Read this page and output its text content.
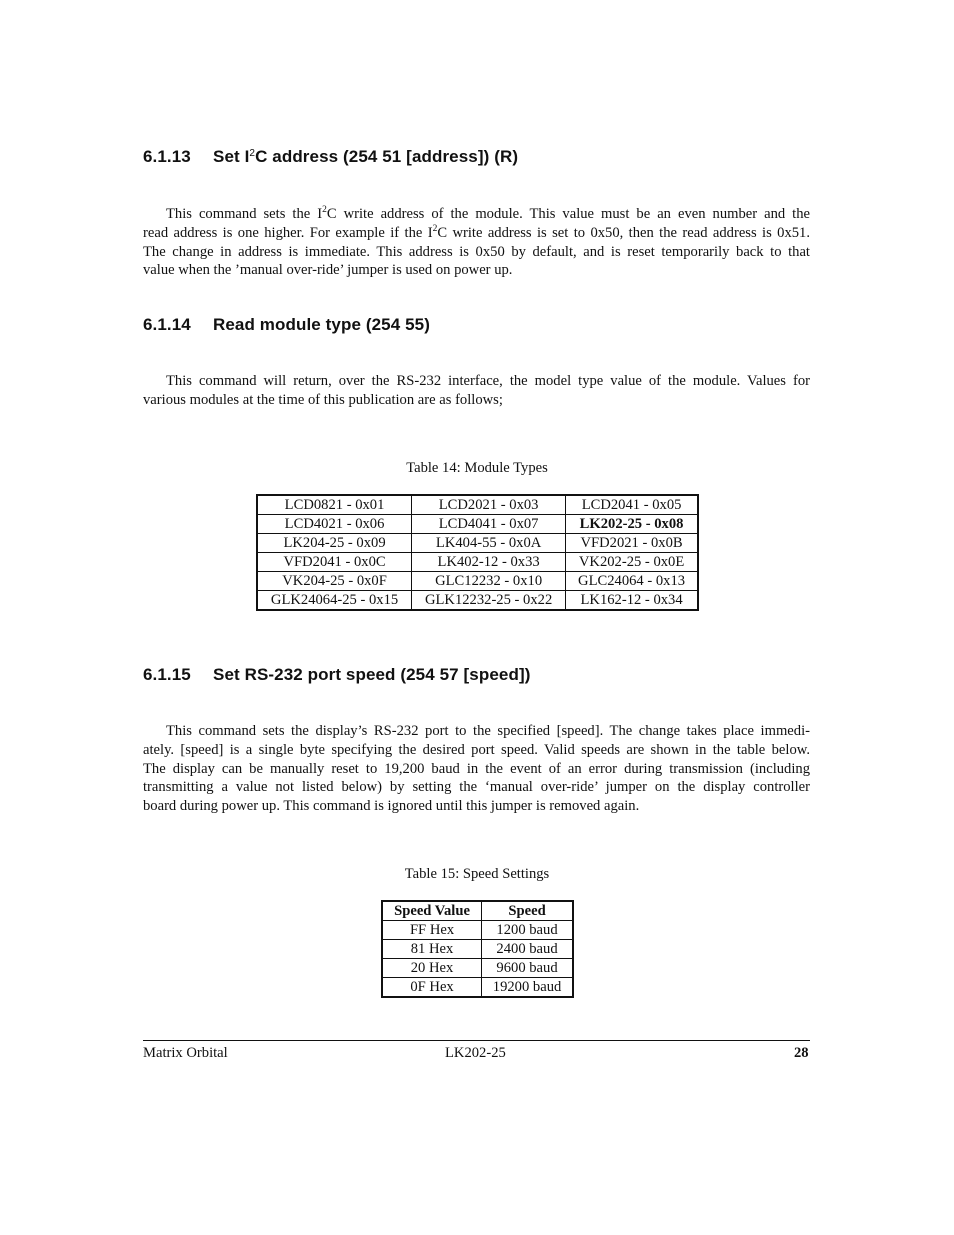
6.1.13 Set $I^2C$ address (254 51 [address]) (R)
This command sets the $I^2C$ write address of the module. This value must be an even number and the
read address is one higher. For example if the $I^2C$ write address is set to 0x50, then the read address is 0x51.
The change in address is immediate. This address is 0x50 by default, and is reset temporarily back to that
value when the ’manual over-ride’ jumper is used on power up.
6.1.14 Read module type (254 55)
This command will return, over the RS-232 interface, the model type value of the module. Values for
various modules at the time of this publication are as follows;
Table 14: Module Types
LCD0821 - 0x01	LCD2021 - 0x03	LCD2041 - 0x05
LCD4021 - 0x06	LCD4041 - 0x07	LK202-25 - 0x08
LK204-25 - 0x09	LK404-55 - 0x0A	VFD2021 - 0x0B
VFD2041 - 0x0C	LK402-12 - 0x33	VK202-25 - 0x0E
VK204-25 - 0x0F	GLC12232 - 0x10	GLC24064 - 0x13
GLK24064-25 - 0x15	GLK12232-25 - 0x22	LK162-12 - 0x34
6.1.15 Set RS-232 port speed (254 57 [speed])
This command sets the display’s RS-232 port to the specified [speed]. The change takes place immedi-
ately. [speed] is a single byte specifying the desired port speed. Valid speeds are shown in the table below.
The display can be manually reset to 19,200 baud in the event of an error during transmission (including
transmitting a value not listed below) by setting the ‘manual over-ride’ jumper on the display controller
board during power up. This command is ignored until this jumper is removed again.
Table 15: Speed Settings
Speed Value	Speed
FF Hex	1200 baud
81 Hex	2400 baud
20 Hex	9600 baud
0F Hex	19200 baud
Matrix Orbital	LK202-25	28
